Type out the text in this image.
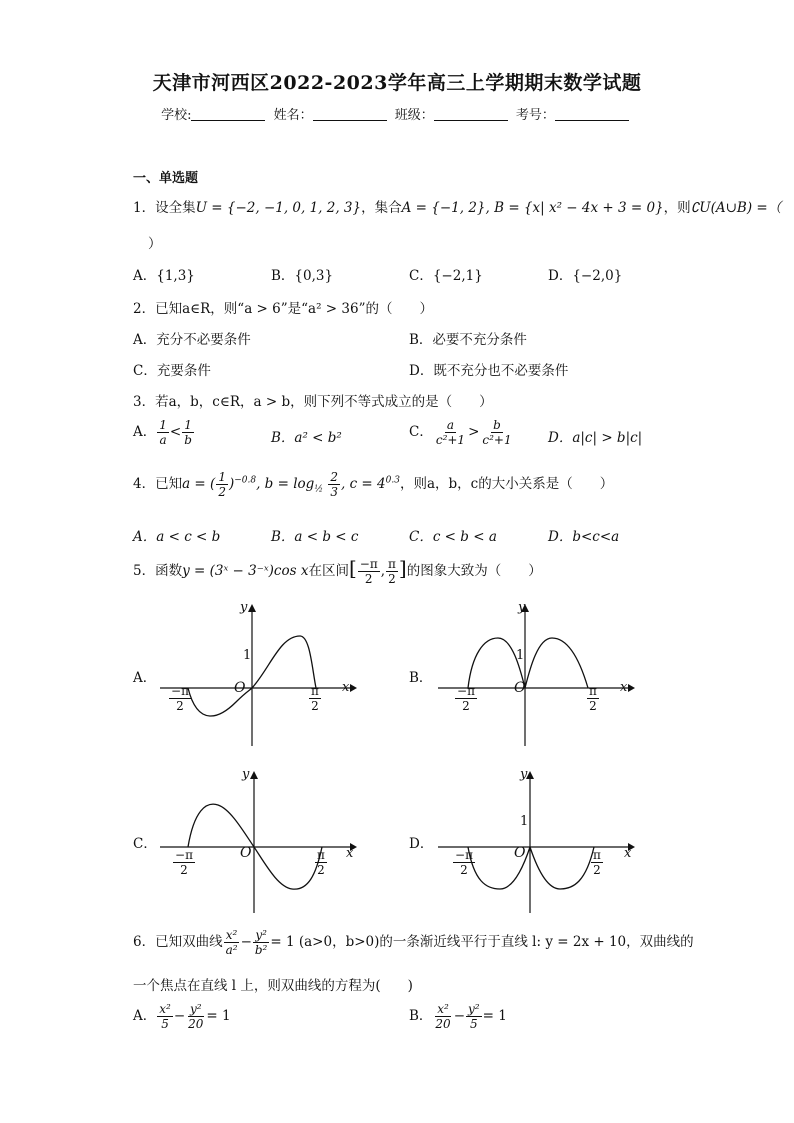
天津市河西区2022-2023学年高三上学期期末数学试题
学校:	姓名：	班级：	考号：
一、单选题
1．设全集U = {−2, −1, 0, 1, 2, 3}，集合A = {−1, 2}, B = {x| x² − 4x + 3 = 0}，则∁U(A∪B) =（
）
A．{1,3}	B．{0,3}	C．{−2,1}	D．{−2,0}
2．已知a∈R，则“a > 6”是“a² > 36”的（　　）
A．充分不必要条件	B．必要不充分条件
C．充要条件	D．既不充分也不必要条件
3．若a，b，c∈R，a > b，则下列不等式成立的是（　　）
A． $\frac{1}{a} < \frac{1}{b}$	B．a² < b²	C． $\frac{a}{\text{c²+1}} > \frac{b}{\text{c²+1}}$	D．a|c| > b|c|
4．已知a = ( $\frac{1}{2} )^{-0.8}$, $b = \log_{\frac{1}{2}} \frac{2}{3}$ , $c = 4^{0.3}$，则a，b，c的大小关系是（　　）
A．a < c < b	B．a < b < c	C．c < b < a	D．b<c<a
5．函数y = (3ˣ − 3⁻ˣ)cos x在区间[ $\frac{-\pi}{2}$ , $\frac{\pi}{2}$ ]的图象大致为（　　）
A．	B．
C．	D．
y
1
O	x
$\frac{-\pi}{2}$	$\frac{\pi}{2}$
y
1
O	x
$\frac{-\pi}{2}$	$\frac{\pi}{2}$
y
O	x
$\frac{-\pi}{2}$	$\frac{\pi}{2}$
y
1
O	x
$\frac{-\pi}{2}$	$\frac{\pi}{2}$
6．已知双曲线 $\frac{\text{x²}}{\text{a²}} - \frac{\text{y²}}{\text{b²}} = 1$ (a>0，b>0)的一条渐近线平行于直线 l: y = 2x + 10，双曲线的
一个焦点在直线 l 上，则双曲线的方程为(　　)
A． $\frac{\text{x²}}{5} - \frac{\text{y²}}{20} = 1$	B． $\frac{\text{x²}}{20} - \frac{\text{y²}}{5} = 1$
